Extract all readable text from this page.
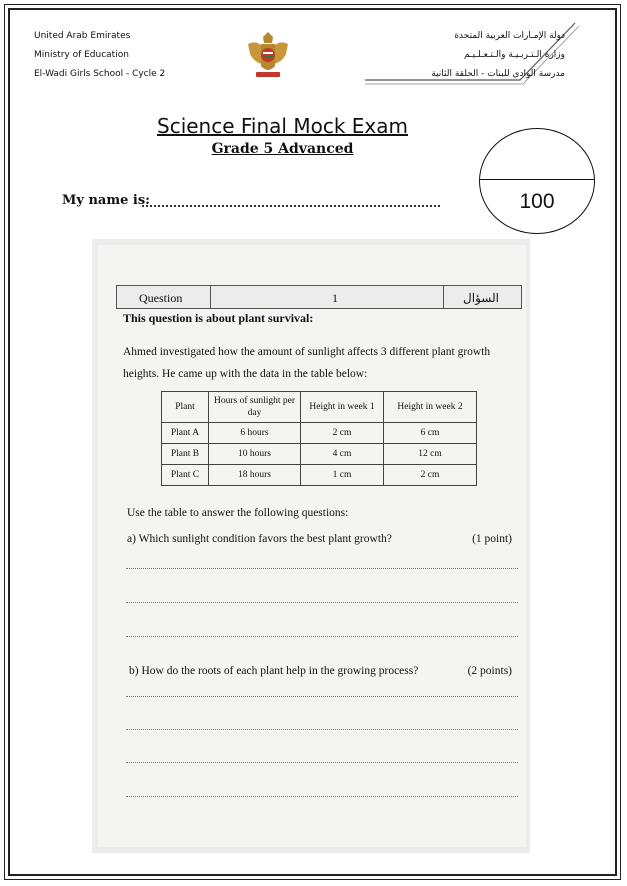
United Arab Emirates
Ministry of Education
El-Wadi Girls School - Cycle 2
دولة الإمـارات العربية المتحدة
وزارة الـتـربـيـة والـتـعـلـيـم
مدرسة الوادي للبنات - الحلقة الثانية
Science Final Mock Exam
Grade 5 Advanced
My name is:	100
Question	1	السؤال
This question is about plant survival:
Ahmed investigated how the amount of sunlight affects 3 different plant growth heights. He came up with the data in the table below:
Plant	Hours of sunlight per day	Height in week 1	Height in week 2
Plant A	6 hours	2 cm	6 cm
Plant B	10 hours	4 cm	12 cm
Plant C	18 hours	1 cm	2 cm
Use the table to answer the following questions:
a) Which sunlight condition favors the best plant growth?	(1 point)
b) How do the roots of each plant help in the growing process?	(2 points)
